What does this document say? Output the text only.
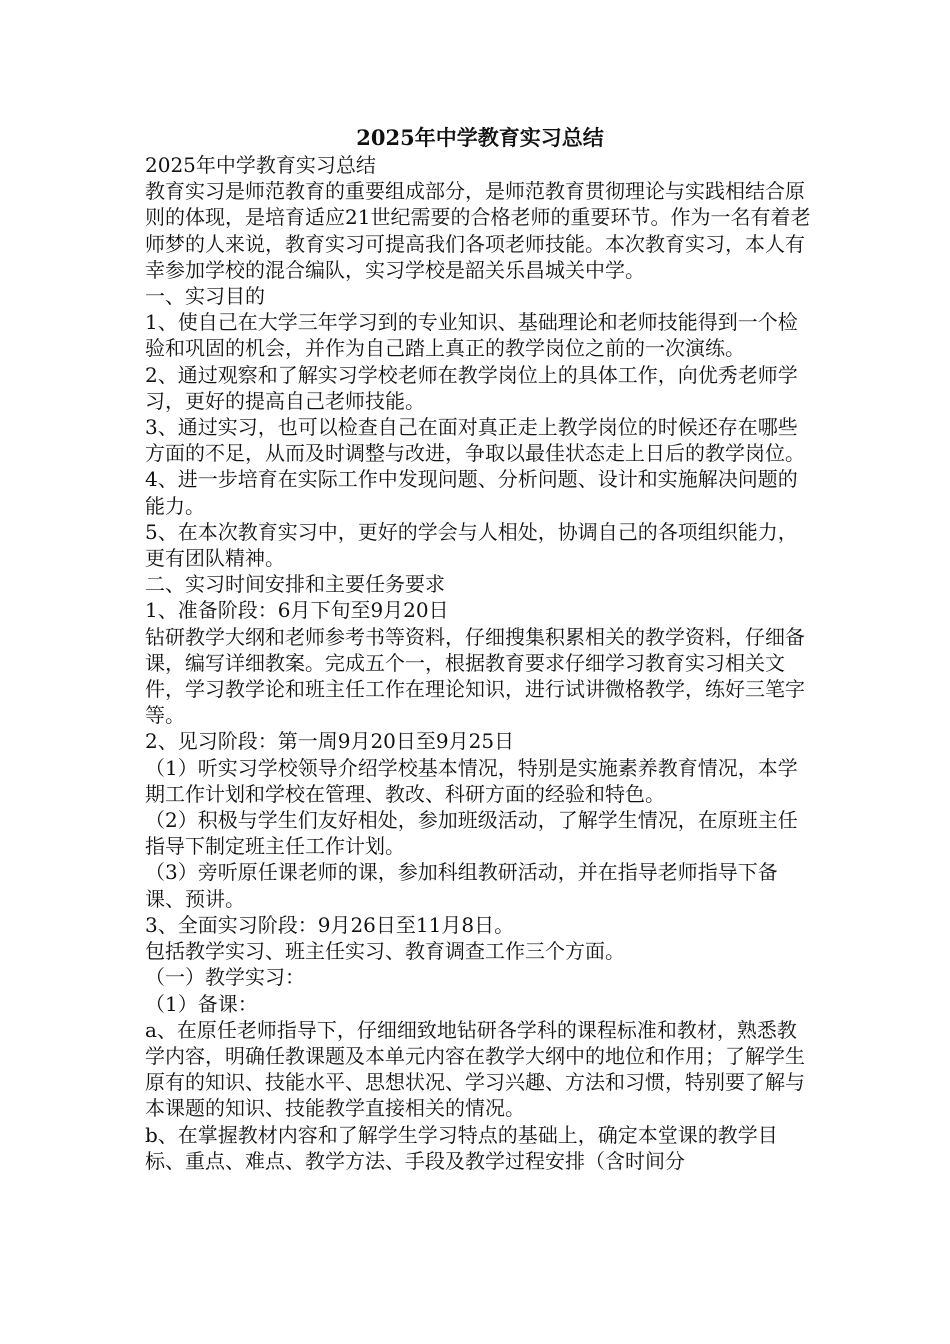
2025年中学教育实习总结

2025年中学教育实习总结

教育实习是师范教育的重要组成部分，是师范教育贯彻理论与实践相结合原则的体现，是培育适应21世纪需要的合格老师的重要环节。作为一名有着老师梦的人来说，教育实习可提高我们各项老师技能。本次教育实习，本人有幸参加学校的混合编队，实习学校是韶关乐昌城关中学。

一、实习目的

1、使自己在大学三年学习到的专业知识、基础理论和老师技能得到一个检验和巩固的机会，并作为自己踏上真正的教学岗位之前的一次演练。

2、通过观察和了解实习学校老师在教学岗位上的具体工作，向优秀老师学习，更好的提高自己老师技能。

3、通过实习，也可以检查自己在面对真正走上教学岗位的时候还存在哪些方面的不足，从而及时调整与改进，争取以最佳状态走上日后的教学岗位。

4、进一步培育在实际工作中发现问题、分析问题、设计和实施解决问题的能力。

5、在本次教育实习中，更好的学会与人相处，协调自己的各项组织能力，更有团队精神。

二、实习时间安排和主要任务要求

1、准备阶段：6月下旬至9月20日

钻研教学大纲和老师参考书等资料，仔细搜集积累相关的教学资料，仔细备课，编写详细教案。完成五个一，根据教育要求仔细学习教育实习相关文件，学习教学论和班主任工作在理论知识，进行试讲微格教学，练好三笔字等。

2、见习阶段：第一周9月20日至9月25日

（1）听实习学校领导介绍学校基本情况，特别是实施素养教育情况，本学期工作计划和学校在管理、教改、科研方面的经验和特色。

（2）积极与学生们友好相处，参加班级活动，了解学生情况，在原班主任指导下制定班主任工作计划。

（3）旁听原任课老师的课，参加科组教研活动，并在指导老师指导下备课、预讲。

3、全面实习阶段：9月26日至11月8日。

包括教学实习、班主任实习、教育调查工作三个方面。

（一）教学实习：

（1）备课：

a、在原任老师指导下，仔细细致地钻研各学科的课程标准和教材，熟悉教学内容，明确任教课题及本单元内容在教学大纲中的地位和作用；了解学生原有的知识、技能水平、思想状况、学习兴趣、方法和习惯，特别要了解与本课题的知识、技能教学直接相关的情况。

b、在掌握教材内容和了解学生学习特点的基础上，确定本堂课的教学目标、重点、难点、教学方法、手段及教学过程安排（含时间分
